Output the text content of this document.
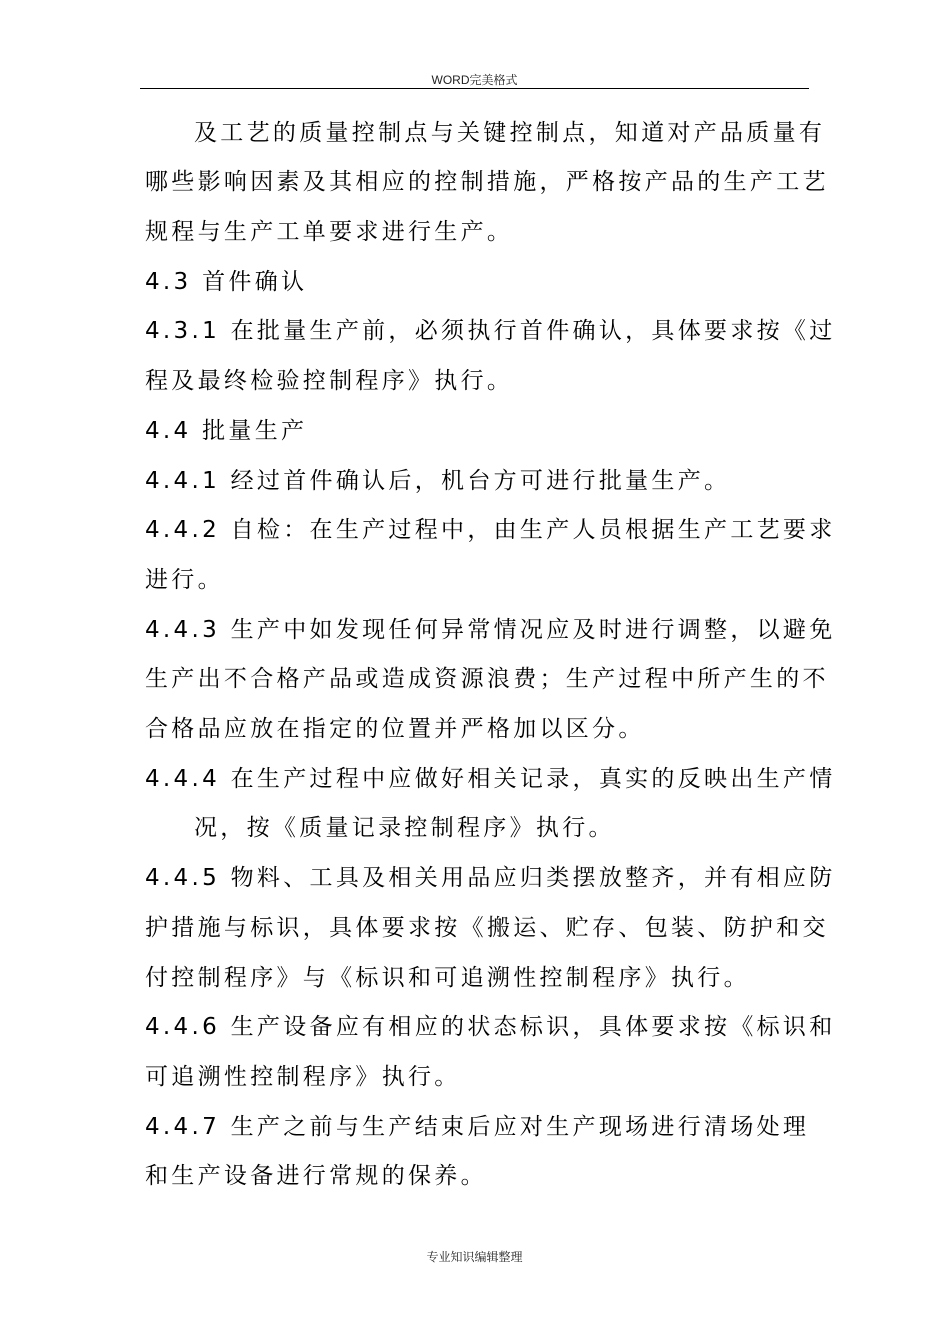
WORD完美格式
及工艺的质量控制点与关键控制点，知道对产品质量有
哪些影响因素及其相应的控制措施，严格按产品的生产工艺
规程与生产工单要求进行生产。
4.3 首件确认
4.3.1 在批量生产前，必须执行首件确认，具体要求按《过
程及最终检验控制程序》执行。
4.4 批量生产
4.4.1 经过首件确认后，机台方可进行批量生产。
4.4.2 自检：在生产过程中，由生产人员根据生产工艺要求
进行。
4.4.3 生产中如发现任何异常情况应及时进行调整，以避免
生产出不合格产品或造成资源浪费；生产过程中所产生的不
合格品应放在指定的位置并严格加以区分。
4.4.4 在生产过程中应做好相关记录，真实的反映出生产情
况，按《质量记录控制程序》执行。
4.4.5 物料、工具及相关用品应归类摆放整齐，并有相应防
护措施与标识，具体要求按《搬运、贮存、包装、防护和交
付控制程序》与《标识和可追溯性控制程序》执行。
4.4.6 生产设备应有相应的状态标识，具体要求按《标识和
可追溯性控制程序》执行。
4.4.7 生产之前与生产结束后应对生产现场进行清场处理
和生产设备进行常规的保养。
专业知识编辑整理
